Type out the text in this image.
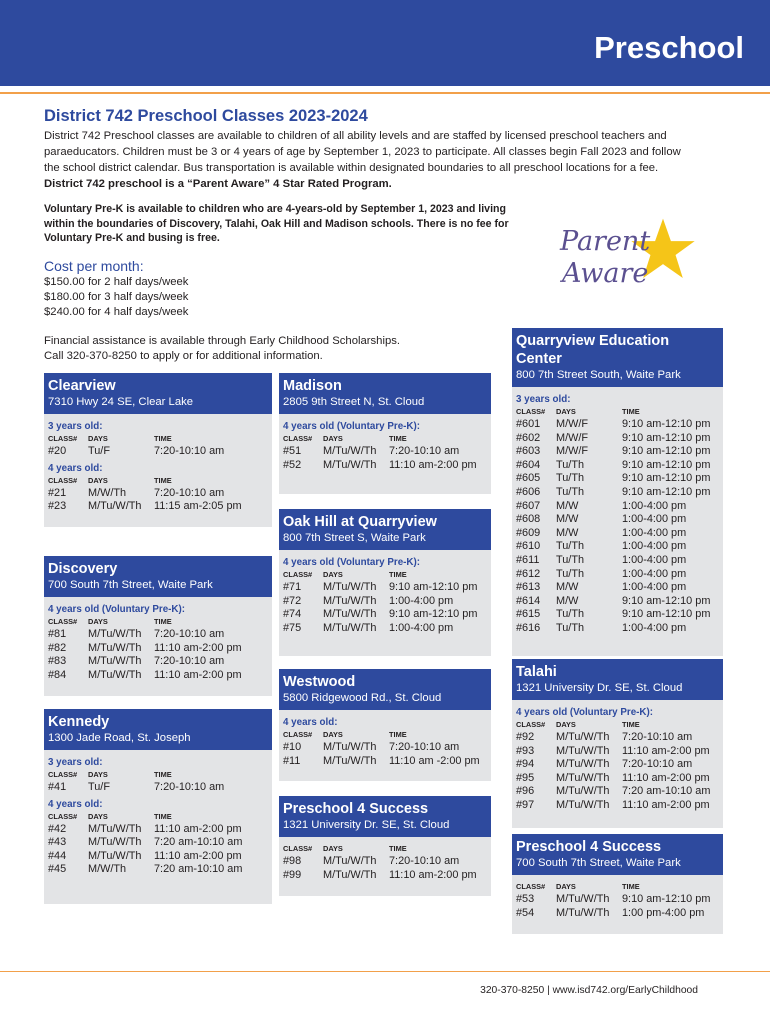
Preschool
District 742 Preschool Classes 2023-2024
District 742 Preschool classes are available to children of all ability levels and are staffed by licensed preschool teachers and paraeducators. Children must be 3 or 4 years of age by September 1, 2023 to participate. All classes begin Fall 2023 and follow the school district calendar. Bus transportation is available within designated boundaries to all preschool locations for a fee. District 742 preschool is a “Parent Aware” 4 Star Rated Program.
Voluntary Pre-K is available to children who are 4-years-old by September 1, 2023 and living within the boundaries of Discovery, Talahi, Oak Hill and Madison schools. There is no fee for Voluntary Pre-K and busing is free.
Cost per month:
$150.00 for 2 half days/week
$180.00 for 3 half days/week
$240.00 for 4 half days/week
Financial assistance is available through Early Childhood Scholarships.
Call 320-370-8250 to apply or for additional information.
Parent
Aware
Clearview
7310 Hwy 24 SE, Clear Lake
3 years old:
CLASS#	DAYS	TIME
#20	Tu/F	7:20-10:10 am
4 years old:
CLASS#	DAYS	TIME
#21	M/W/Th	7:20-10:10 am
#23	M/Tu/W/Th	11:15 am-2:05 pm
Discovery
700 South 7th Street, Waite Park
4 years old (Voluntary Pre-K):
CLASS#	DAYS	TIME
#81	M/Tu/W/Th	7:20-10:10 am
#82	M/Tu/W/Th	11:10 am-2:00 pm
#83	M/Tu/W/Th	7:20-10:10 am
#84	M/Tu/W/Th	11:10 am-2:00 pm
Kennedy
1300 Jade Road, St. Joseph
3 years old:
CLASS#	DAYS	TIME
#41	Tu/F	7:20-10:10 am
4 years old:
CLASS#	DAYS	TIME
#42	M/Tu/W/Th	11:10 am-2:00 pm
#43	M/Tu/W/Th	7:20 am-10:10 am
#44	M/Tu/W/Th	11:10 am-2:00 pm
#45	M/W/Th	7:20 am-10:10 am
Madison
2805 9th Street N, St. Cloud
4 years old (Voluntary Pre-K):
CLASS#	DAYS	TIME
#51	M/Tu/W/Th	7:20-10:10 am
#52	M/Tu/W/Th	11:10 am-2:00 pm
Oak Hill at Quarryview
800 7th Street S, Waite Park
4 years old (Voluntary Pre-K):
CLASS#	DAYS	TIME
#71	M/Tu/W/Th	9:10 am-12:10 pm
#72	M/Tu/W/Th	1:00-4:00 pm
#74	M/Tu/W/Th	9:10 am-12:10 pm
#75	M/Tu/W/Th	1:00-4:00 pm
Westwood
5800 Ridgewood Rd., St. Cloud
4 years old:
CLASS#	DAYS	TIME
#10	M/Tu/W/Th	7:20-10:10 am
#11	M/Tu/W/Th	11:10 am -2:00 pm
Preschool 4 Success
1321 University Dr. SE, St. Cloud
CLASS#	DAYS	TIME
#98	M/Tu/W/Th	7:20-10:10 am
#99	M/Tu/W/Th	11:10 am-2:00 pm
Quarryview Education Center
800 7th Street South, Waite Park
3 years old:
CLASS#	DAYS	TIME
#601	M/W/F	9:10 am-12:10 pm
#602	M/W/F	9:10 am-12:10 pm
#603	M/W/F	9:10 am-12:10 pm
#604	Tu/Th	9:10 am-12:10 pm
#605	Tu/Th	9:10 am-12:10 pm
#606	Tu/Th	9:10 am-12:10 pm
#607	M/W	1:00-4:00 pm
#608	M/W	1:00-4:00 pm
#609	M/W	1:00-4:00 pm
#610	Tu/Th	1:00-4:00 pm
#611	Tu/Th	1:00-4:00 pm
#612	Tu/Th	1:00-4:00 pm
#613	M/W	1:00-4:00 pm
#614	M/W	9:10 am-12:10 pm
#615	Tu/Th	9:10 am-12:10 pm
#616	Tu/Th	1:00-4:00 pm
Talahi
1321 University Dr. SE, St. Cloud
4 years old (Voluntary Pre-K):
CLASS#	DAYS	TIME
#92	M/Tu/W/Th	7:20-10:10 am
#93	M/Tu/W/Th	11:10 am-2:00 pm
#94	M/Tu/W/Th	7:20-10:10 am
#95	M/Tu/W/Th	11:10 am-2:00 pm
#96	M/Tu/W/Th	7:20 am-10:10 am
#97	M/Tu/W/Th	11:10 am-2:00 pm
Preschool 4 Success
700 South 7th Street, Waite Park
CLASS#	DAYS	TIME
#53	M/Tu/W/Th	9:10 am-12:10 pm
#54	M/Tu/W/Th	1:00 pm-4:00 pm
320-370-8250 | www.isd742.org/EarlyChildhood
